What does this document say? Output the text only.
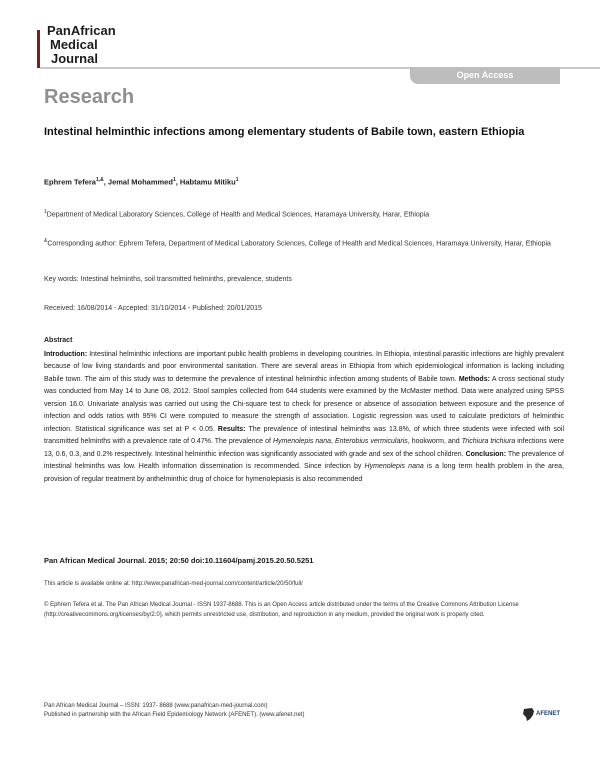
PanAfrican
Medical
Journal
Open Access
Research
Intestinal helminthic infections among elementary students of Babile town, eastern Ethiopia
Ephrem Tefera$^{1,\&}$, Jemal Mohammed$^1$, Habtamu Mitiku$^1$
$^1$Department of Medical Laboratory Sciences, College of Health and Medical Sciences, Haramaya University, Harar, Ethiopia
&Corresponding author: Ephrem Tefera, Department of Medical Laboratory Sciences, College of Health and Medical Sciences, Haramaya University, Harar, Ethiopia
Key words: Intestinal helminths, soil transmitted helminths, prevalence, students
Received: 16/08/2014 - Accepted: 31/10/2014 - Published: 20/01/2015
Abstract
Introduction: Intestinal helminthic infections are important public health problems in developing countries. In Ethiopia, intestinal parasitic infections are highly prevalent because of low living standards and poor environmental sanitation. There are several areas in Ethiopia from which epidemiological information is lacking including Babile town. The aim of this study was to determine the prevalence of intestinal helminthic infection among students of Babile town. Methods: A cross sectional study was conducted from May 14 to June 08, 2012. Stool samples collected from 644 students were examined by the McMaster method. Data were analyzed using SPSS version 16.0. Univariate analysis was carried out using the Chi-square test to check for presence or absence of association between exposure and the presence of infection and odds ratios with 95% CI were computed to measure the strength of association. Logistic regression was used to calculate predictors of helminthic infection. Statistical significance was set at P < 0.05. Results: The prevalence of intestinal helminths was 13.8%, of which three students were infected with soil transmitted helminths with a prevalence rate of 0.47%. The prevalence of Hymenolepis nana, Enterobius vermicularis, hookworm, and Trichiura trichiura infections were 13, 0.6, 0.3, and 0.2% respectively. Intestinal helminthic infection was significantly associated with grade and sex of the school children. Conclusion: The prevalence of intestinal helminths was low. Health information dissemination is recommended. Since infection by Hymenolepis nana is a long term health problem in the area, provision of regular treatment by anthelminthic drug of choice for hymenolepiasis is also recommended
Pan African Medical Journal. 2015; 20:50 doi:10.11604/pamj.2015.20.50.5251
This article is available online at: http://www.panafrican-med-journal.com/content/article/20/50/full/
© Ephrem Tefera et al. The Pan African Medical Journal - ISSN 1937-8688. This is an Open Access article distributed under the terms of the Creative Commons Attribution License (http://creativecommons.org/licenses/by/2.0), which permits unrestricted use, distribution, and reproduction in any medium, provided the original work is properly cited.
Pan African Medical Journal – ISSN: 1937- 8688 (www.panafrican-med-journal.com)
Published in partnership with the African Field Epidemiology Network (AFENET). (www.afenet.net)	AFENET
